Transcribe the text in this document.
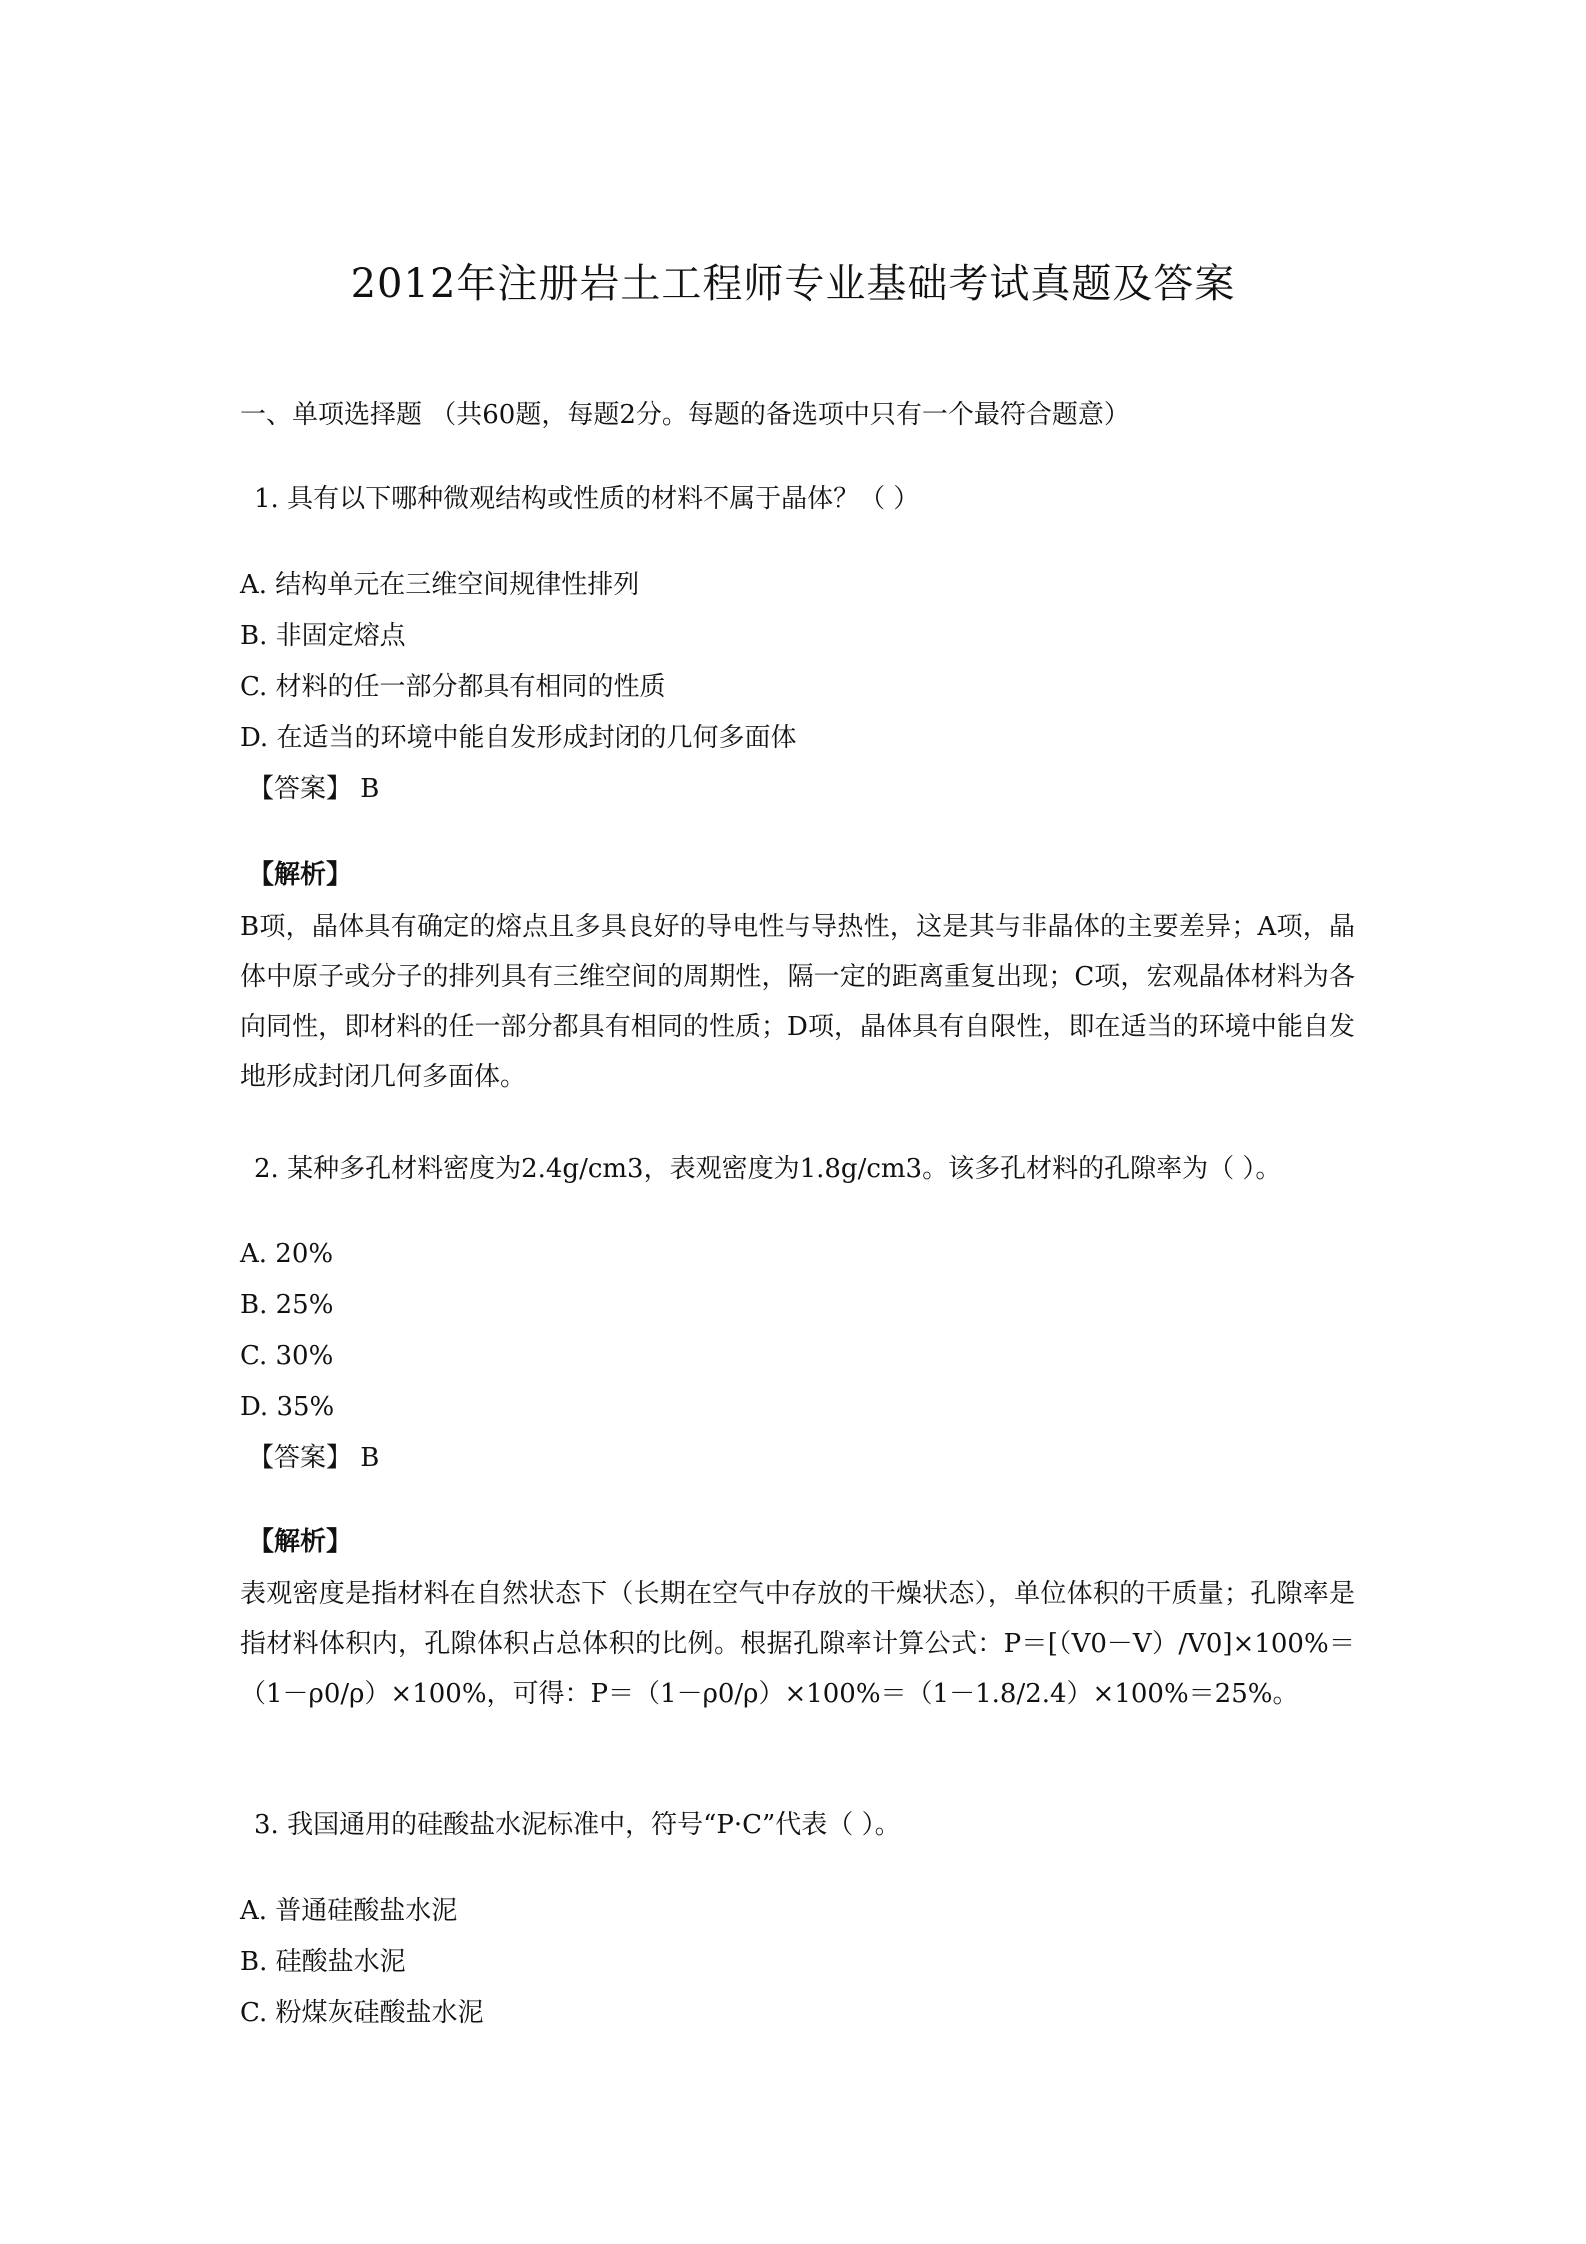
2012年注册岩土工程师专业基础考试真题及答案
一、单项选择题 （共60题，每题2分。每题的备选项中只有一个最符合题意）
1. 具有以下哪种微观结构或性质的材料不属于晶体？（ ）
A. 结构单元在三维空间规律性排列
B. 非固定熔点
C. 材料的任一部分都具有相同的性质
D. 在适当的环境中能自发形成封闭的几何多面体
【答案】 B
【解析】
B项，晶体具有确定的熔点且多具良好的导电性与导热性，这是其与非晶体的主要差异；A项，晶体中原子或分子的排列具有三维空间的周期性，隔一定的距离重复出现；C项，宏观晶体材料为各向同性，即材料的任一部分都具有相同的性质；D项，晶体具有自限性，即在适当的环境中能自发地形成封闭几何多面体。
2. 某种多孔材料密度为2.4g/cm3，表观密度为1.8g/cm3。该多孔材料的孔隙率为（ ）。
A. 20%
B. 25%
C. 30%
D. 35%
【答案】 B
【解析】
表观密度是指材料在自然状态下（长期在空气中存放的干燥状态），单位体积的干质量；孔隙率是指材料体积内，孔隙体积占总体积的比例。根据孔隙率计算公式：P＝[（V0－V）/V0]×100%＝（1－ρ0/ρ）×100%，可得：P＝（1－ρ0/ρ）×100%＝（1－1.8/2.4）×100%＝25%。
3. 我国通用的硅酸盐水泥标准中，符号“P·C”代表（ ）。
A. 普通硅酸盐水泥
B. 硅酸盐水泥
C. 粉煤灰硅酸盐水泥
